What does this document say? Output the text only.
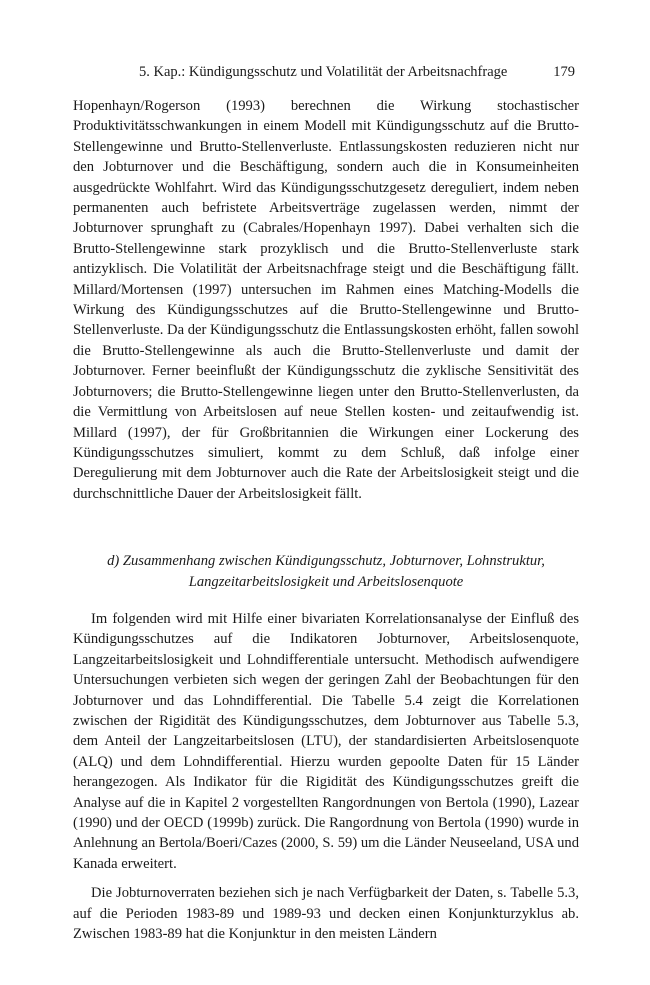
5. Kap.: Kündigungsschutz und Volatilität der Arbeitsnachfrage	179

Hopenhayn/Rogerson (1993) berechnen die Wirkung stochastischer Produktivitätsschwankungen in einem Modell mit Kündigungsschutz auf die Brutto-Stellengewinne und Brutto-Stellenverluste. Entlassungskosten reduzieren nicht nur den Jobturnover und die Beschäftigung, sondern auch die in Konsumeinheiten ausgedrückte Wohlfahrt. Wird das Kündigungsschutzgesetz dereguliert, indem neben permanenten auch befristete Arbeitsverträge zugelassen werden, nimmt der Jobturnover sprunghaft zu (Cabrales/Hopenhayn 1997). Dabei verhalten sich die Brutto-Stellengewinne stark prozyklisch und die Brutto-Stellenverluste stark antizyklisch. Die Volatilität der Arbeitsnachfrage steigt und die Beschäftigung fällt. Millard/Mortensen (1997) untersuchen im Rahmen eines Matching-Modells die Wirkung des Kündigungsschutzes auf die Brutto-Stellengewinne und Brutto-Stellenverluste. Da der Kündigungsschutz die Entlassungskosten erhöht, fallen sowohl die Brutto-Stellengewinne als auch die Brutto-Stellenverluste und damit der Jobturnover. Ferner beeinflußt der Kündigungsschutz die zyklische Sensitivität des Jobturnovers; die Brutto-Stellengewinne liegen unter den Brutto-Stellenverlusten, da die Vermittlung von Arbeitslosen auf neue Stellen kosten- und zeitaufwendig ist. Millard (1997), der für Großbritannien die Wirkungen einer Lockerung des Kündigungsschutzes simuliert, kommt zu dem Schluß, daß infolge einer Deregulierung mit dem Jobturnover auch die Rate der Arbeitslosigkeit steigt und die durchschnittliche Dauer der Arbeitslosigkeit fällt.

d) Zusammenhang zwischen Kündigungsschutz, Jobturnover, Lohnstruktur,
Langzeitarbeitslosigkeit und Arbeitslosenquote

Im folgenden wird mit Hilfe einer bivariaten Korrelationsanalyse der Einfluß des Kündigungsschutzes auf die Indikatoren Jobturnover, Arbeitslosenquote, Langzeitarbeitslosigkeit und Lohndifferentiale untersucht. Methodisch aufwendigere Untersuchungen verbieten sich wegen der geringen Zahl der Beobachtungen für den Jobturnover und das Lohndifferential. Die Tabelle 5.4 zeigt die Korrelationen zwischen der Rigidität des Kündigungsschutzes, dem Jobturnover aus Tabelle 5.3, dem Anteil der Langzeitarbeitslosen (LTU), der standardisierten Arbeitslosenquote (ALQ) und dem Lohndifferential. Hierzu wurden gepoolte Daten für 15 Länder herangezogen. Als Indikator für die Rigidität des Kündigungsschutzes greift die Analyse auf die in Kapitel 2 vorgestellten Rangordnungen von Bertola (1990), Lazear (1990) und der OECD (1999b) zurück. Die Rangordnung von Bertola (1990) wurde in Anlehnung an Bertola/Boeri/Cazes (2000, S. 59) um die Länder Neuseeland, USA und Kanada erweitert.

Die Jobturnoverraten beziehen sich je nach Verfügbarkeit der Daten, s. Tabelle 5.3, auf die Perioden 1983-89 und 1989-93 und decken einen Konjunkturzyklus ab. Zwischen 1983-89 hat die Konjunktur in den meisten Ländern
